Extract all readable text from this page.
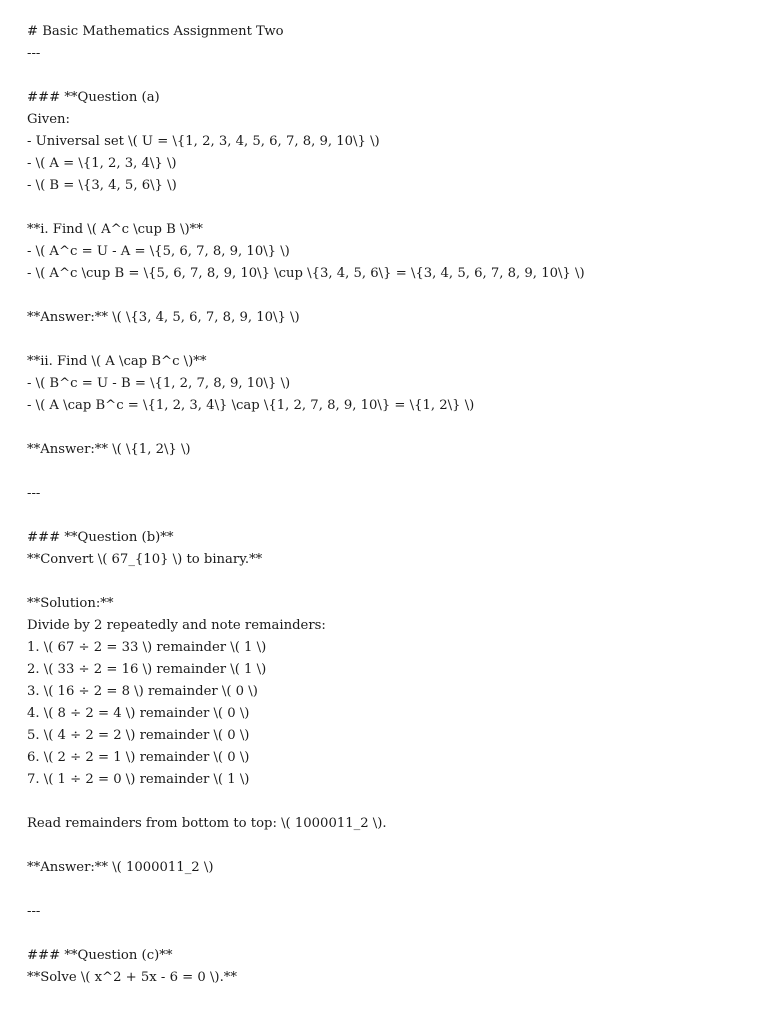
# Basic Mathematics Assignment Two

---

### **Question (a)

Given:

- Universal set \( U = \{1, 2, 3, 4, 5, 6, 7, 8, 9, 10\} \)

- \( A = \{1, 2, 3, 4\} \)

- \( B = \{3, 4, 5, 6\} \)

**i. Find \( A^c \cup B \)**

- \( A^c = U - A = \{5, 6, 7, 8, 9, 10\} \)

- \( A^c \cup B = \{5, 6, 7, 8, 9, 10\} \cup \{3, 4, 5, 6\} = \{3, 4, 5, 6, 7, 8, 9, 10\} \)

**Answer:** \( \{3, 4, 5, 6, 7, 8, 9, 10\} \)

**ii. Find \( A \cap B^c \)**

- \( B^c = U - B = \{1, 2, 7, 8, 9, 10\} \)

- \( A \cap B^c = \{1, 2, 3, 4\} \cap \{1, 2, 7, 8, 9, 10\} = \{1, 2\} \)

**Answer:** \( \{1, 2\} \)

---

### **Question (b)**

**Convert \( 67_{10} \) to binary.**

**Solution:**

Divide by 2 repeatedly and note remainders:

1. \( 67 ÷ 2 = 33 \) remainder \( 1 \)

2. \( 33 ÷ 2 = 16 \) remainder \( 1 \)

3. \( 16 ÷ 2 = 8 \) remainder \( 0 \)

4. \( 8 ÷ 2 = 4 \) remainder \( 0 \)

5. \( 4 ÷ 2 = 2 \) remainder \( 0 \)

6. \( 2 ÷ 2 = 1 \) remainder \( 0 \)

7. \( 1 ÷ 2 = 0 \) remainder \( 1 \)

Read remainders from bottom to top: \( 1000011_2 \).

**Answer:** \( 1000011_2 \)

---

### **Question (c)**

**Solve \( x^2 + 5x - 6 = 0 \).**
